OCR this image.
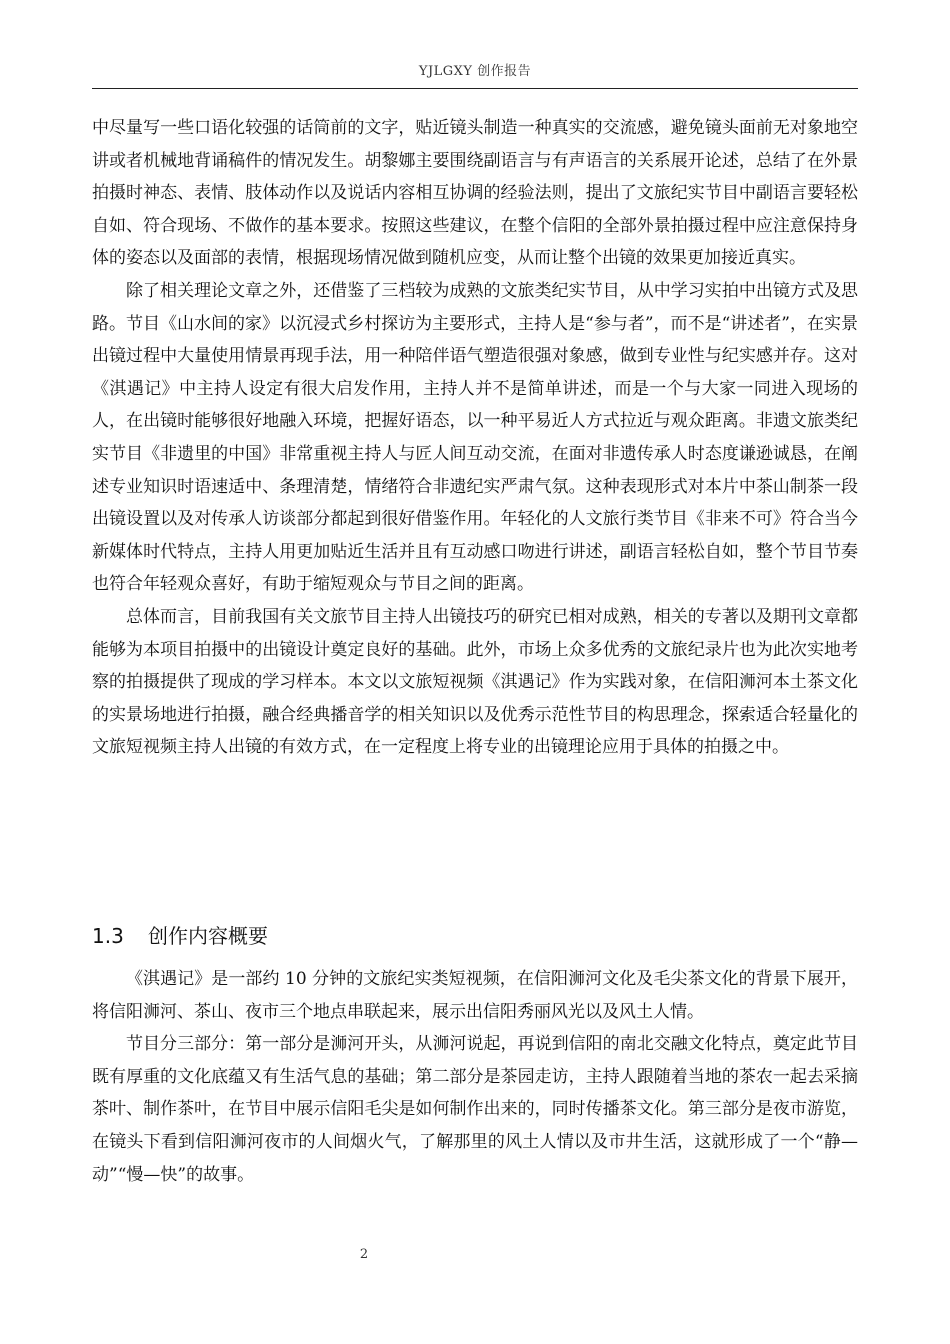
YJLGXY 创作报告

中尽量写一些口语化较强的话筒前的文字，贴近镜头制造一种真实的交流感，避免镜头面前无对象地空讲或者机械地背诵稿件的情况发生。胡黎娜主要围绕副语言与有声语言的关系展开论述，总结了在外景拍摄时神态、表情、肢体动作以及说话内容相互协调的经验法则，提出了文旅纪实节目中副语言要轻松自如、符合现场、不做作的基本要求。按照这些建议，在整个信阳的全部外景拍摄过程中应注意保持身体的姿态以及面部的表情，根据现场情况做到随机应变，从而让整个出镜的效果更加接近真实。

除了相关理论文章之外，还借鉴了三档较为成熟的文旅类纪实节目，从中学习实拍中出镜方式及思路。节目《山水间的家》以沉浸式乡村探访为主要形式，主持人是“参与者”，而不是“讲述者”，在实景出镜过程中大量使用情景再现手法，用一种陪伴语气塑造很强对象感，做到专业性与纪实感并存。这对《淇遇记》中主持人设定有很大启发作用，主持人并不是简单讲述，而是一个与大家一同进入现场的人，在出镜时能够很好地融入环境，把握好语态，以一种平易近人方式拉近与观众距离。非遗文旅类纪实节目《非遗里的中国》非常重视主持人与匠人间互动交流，在面对非遗传承人时态度谦逊诚恳，在阐述专业知识时语速适中、条理清楚，情绪符合非遗纪实严肃气氛。这种表现形式对本片中茶山制茶一段出镜设置以及对传承人访谈部分都起到很好借鉴作用。年轻化的人文旅行类节目《非来不可》符合当今新媒体时代特点，主持人用更加贴近生活并且有互动感口吻进行讲述，副语言轻松自如，整个节目节奏也符合年轻观众喜好，有助于缩短观众与节目之间的距离。

总体而言，目前我国有关文旅节目主持人出镜技巧的研究已相对成熟，相关的专著以及期刊文章都能够为本项目拍摄中的出镜设计奠定良好的基础。此外，市场上众多优秀的文旅纪录片也为此次实地考察的拍摄提供了现成的学习样本。本文以文旅短视频《淇遇记》作为实践对象，在信阳浉河本土茶文化的实景场地进行拍摄，融合经典播音学的相关知识以及优秀示范性节目的构思理念，探索适合轻量化的文旅短视频主持人出镜的有效方式，在一定程度上将专业的出镜理论应用于具体的拍摄之中。

1.3 创作内容概要

《淇遇记》是一部约 10 分钟的文旅纪实类短视频，在信阳浉河文化及毛尖茶文化的背景下展开，将信阳浉河、茶山、夜市三个地点串联起来，展示出信阳秀丽风光以及风土人情。

节目分三部分：第一部分是浉河开头，从浉河说起，再说到信阳的南北交融文化特点，奠定此节目既有厚重的文化底蕴又有生活气息的基础；第二部分是茶园走访，主持人跟随着当地的茶农一起去采摘茶叶、制作茶叶，在节目中展示信阳毛尖是如何制作出来的，同时传播茶文化。第三部分是夜市游览，在镜头下看到信阳浉河夜市的人间烟火气，了解那里的风土人情以及市井生活，这就形成了一个“静—动”“慢—快”的故事。

2
